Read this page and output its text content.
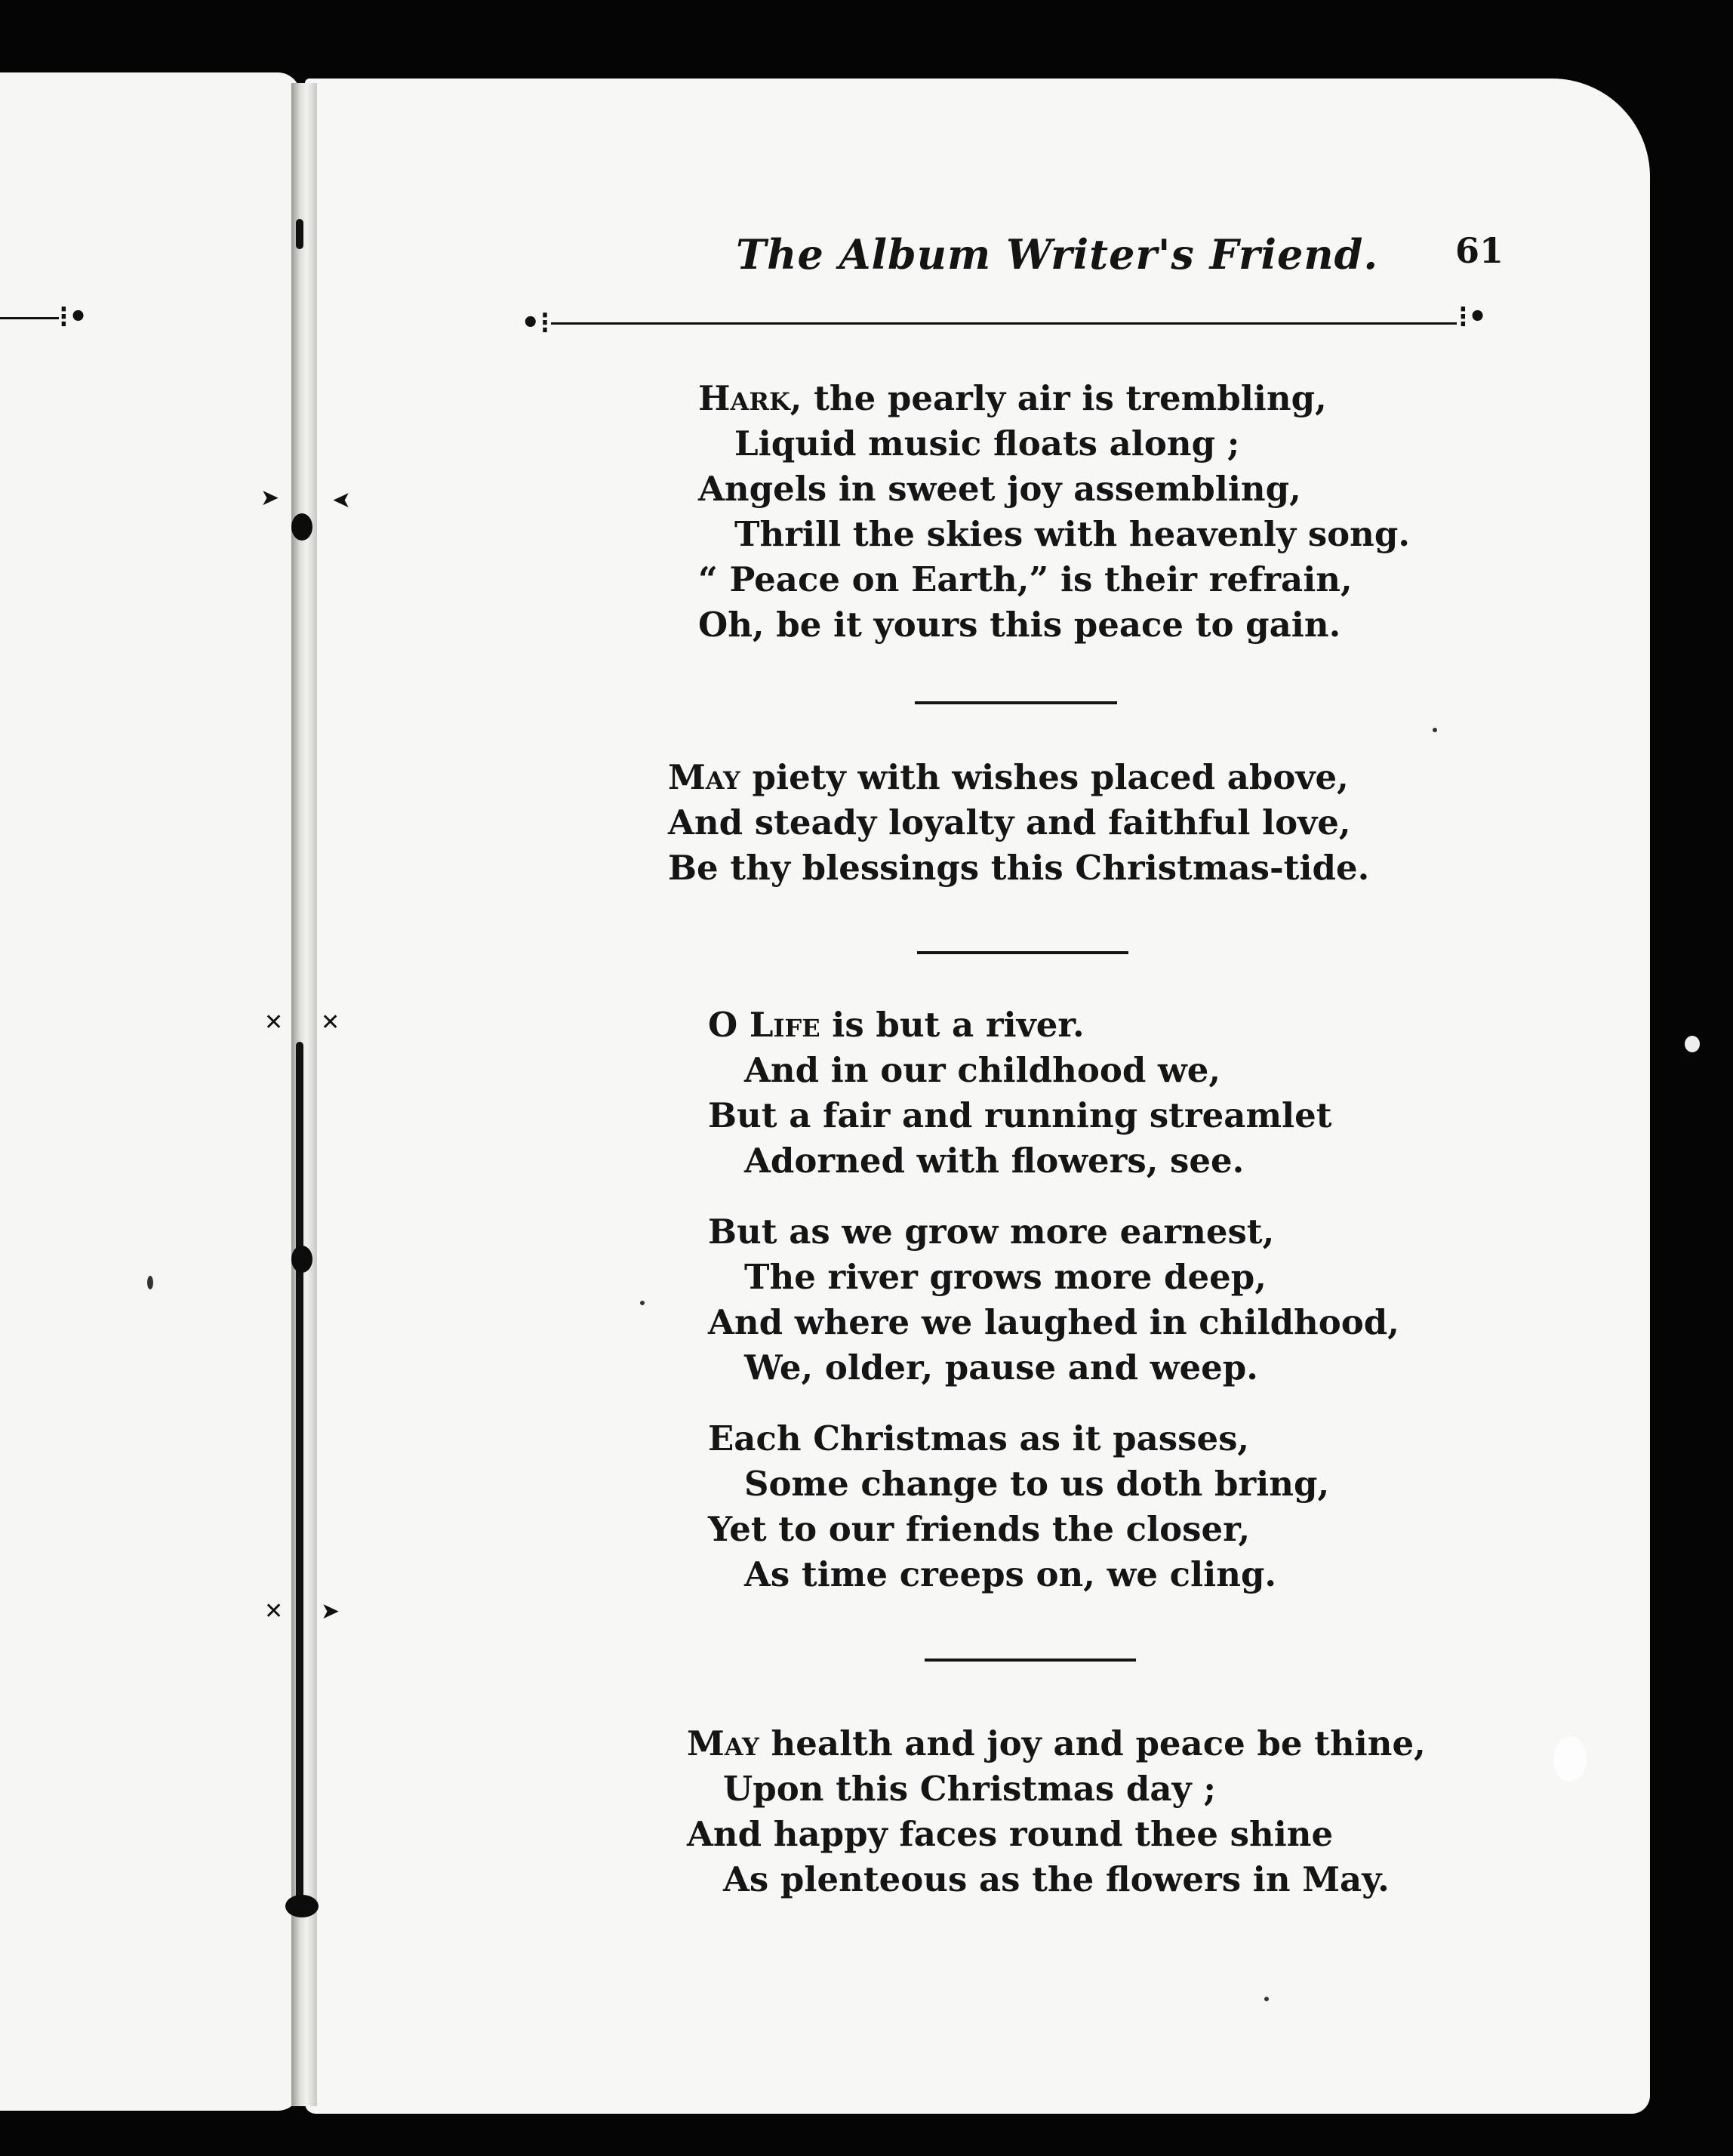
➤ ➤
✕ ✕
✕ ➤
⁝•
The Album Writer's Friend. 61
•⁝	⁝•
Hark, the pearly air is trembling,
Liquid music floats along ;
Angels in sweet joy assembling,
Thrill the skies with heavenly song.
“ Peace on Earth,” is their refrain,
Oh, be it yours this peace to gain.
May piety with wishes placed above,
And steady loyalty and faithful love,
Be thy blessings this Christmas-tide.
O Life is but a river.
And in our childhood we,
But a fair and running streamlet
Adorned with flowers, see.
But as we grow more earnest,
The river grows more deep,
And where we laughed in childhood,
We, older, pause and weep.
Each Christmas as it passes,
Some change to us doth bring,
Yet to our friends the closer,
As time creeps on, we cling.
May health and joy and peace be thine,
Upon this Christmas day ;
And happy faces round thee shine
As plenteous as the flowers in May.
